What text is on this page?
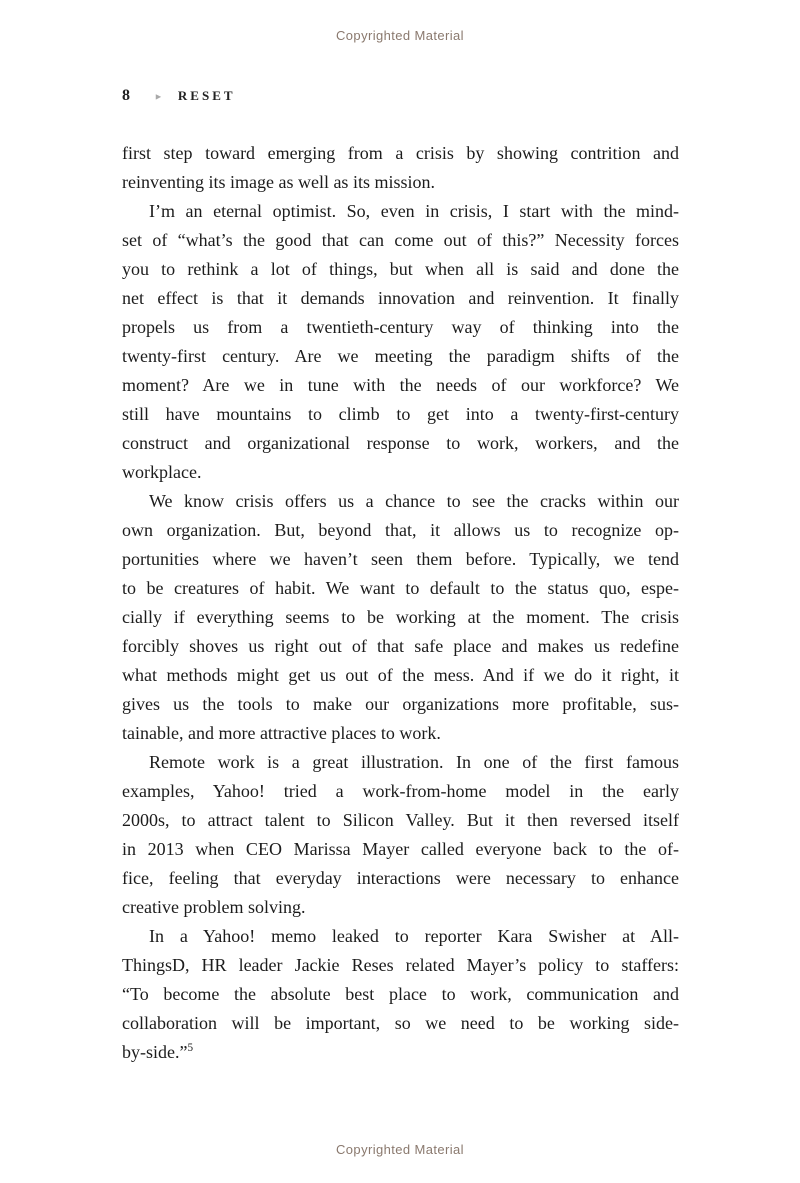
Copyrighted Material
8	► RESET
first step toward emerging from a crisis by showing contrition and
reinventing its image as well as its mission.
I’m an eternal optimist. So, even in crisis, I start with the mind-
set of “what’s the good that can come out of this?” Necessity forces
you to rethink a lot of things, but when all is said and done the
net effect is that it demands innovation and reinvention. It finally
propels us from a twentieth-century way of thinking into the
twenty-first century. Are we meeting the paradigm shifts of the
moment? Are we in tune with the needs of our workforce? We
still have mountains to climb to get into a twenty-first-century
construct and organizational response to work, workers, and the
workplace.
We know crisis offers us a chance to see the cracks within our
own organization. But, beyond that, it allows us to recognize op-
portunities where we haven’t seen them before. Typically, we tend
to be creatures of habit. We want to default to the status quo, espe-
cially if everything seems to be working at the moment. The crisis
forcibly shoves us right out of that safe place and makes us redefine
what methods might get us out of the mess. And if we do it right, it
gives us the tools to make our organizations more profitable, sus-
tainable, and more attractive places to work.
Remote work is a great illustration. In one of the first famous
examples, Yahoo! tried a work-from-home model in the early
2000s, to attract talent to Silicon Valley. But it then reversed itself
in 2013 when CEO Marissa Mayer called everyone back to the of-
fice, feeling that everyday interactions were necessary to enhance
creative problem solving.
In a Yahoo! memo leaked to reporter Kara Swisher at All-
ThingsD, HR leader Jackie Reses related Mayer’s policy to staffers:
“To become the absolute best place to work, communication and
collaboration will be important, so we need to be working side-
by-side.”$^5$
Copyrighted Material
